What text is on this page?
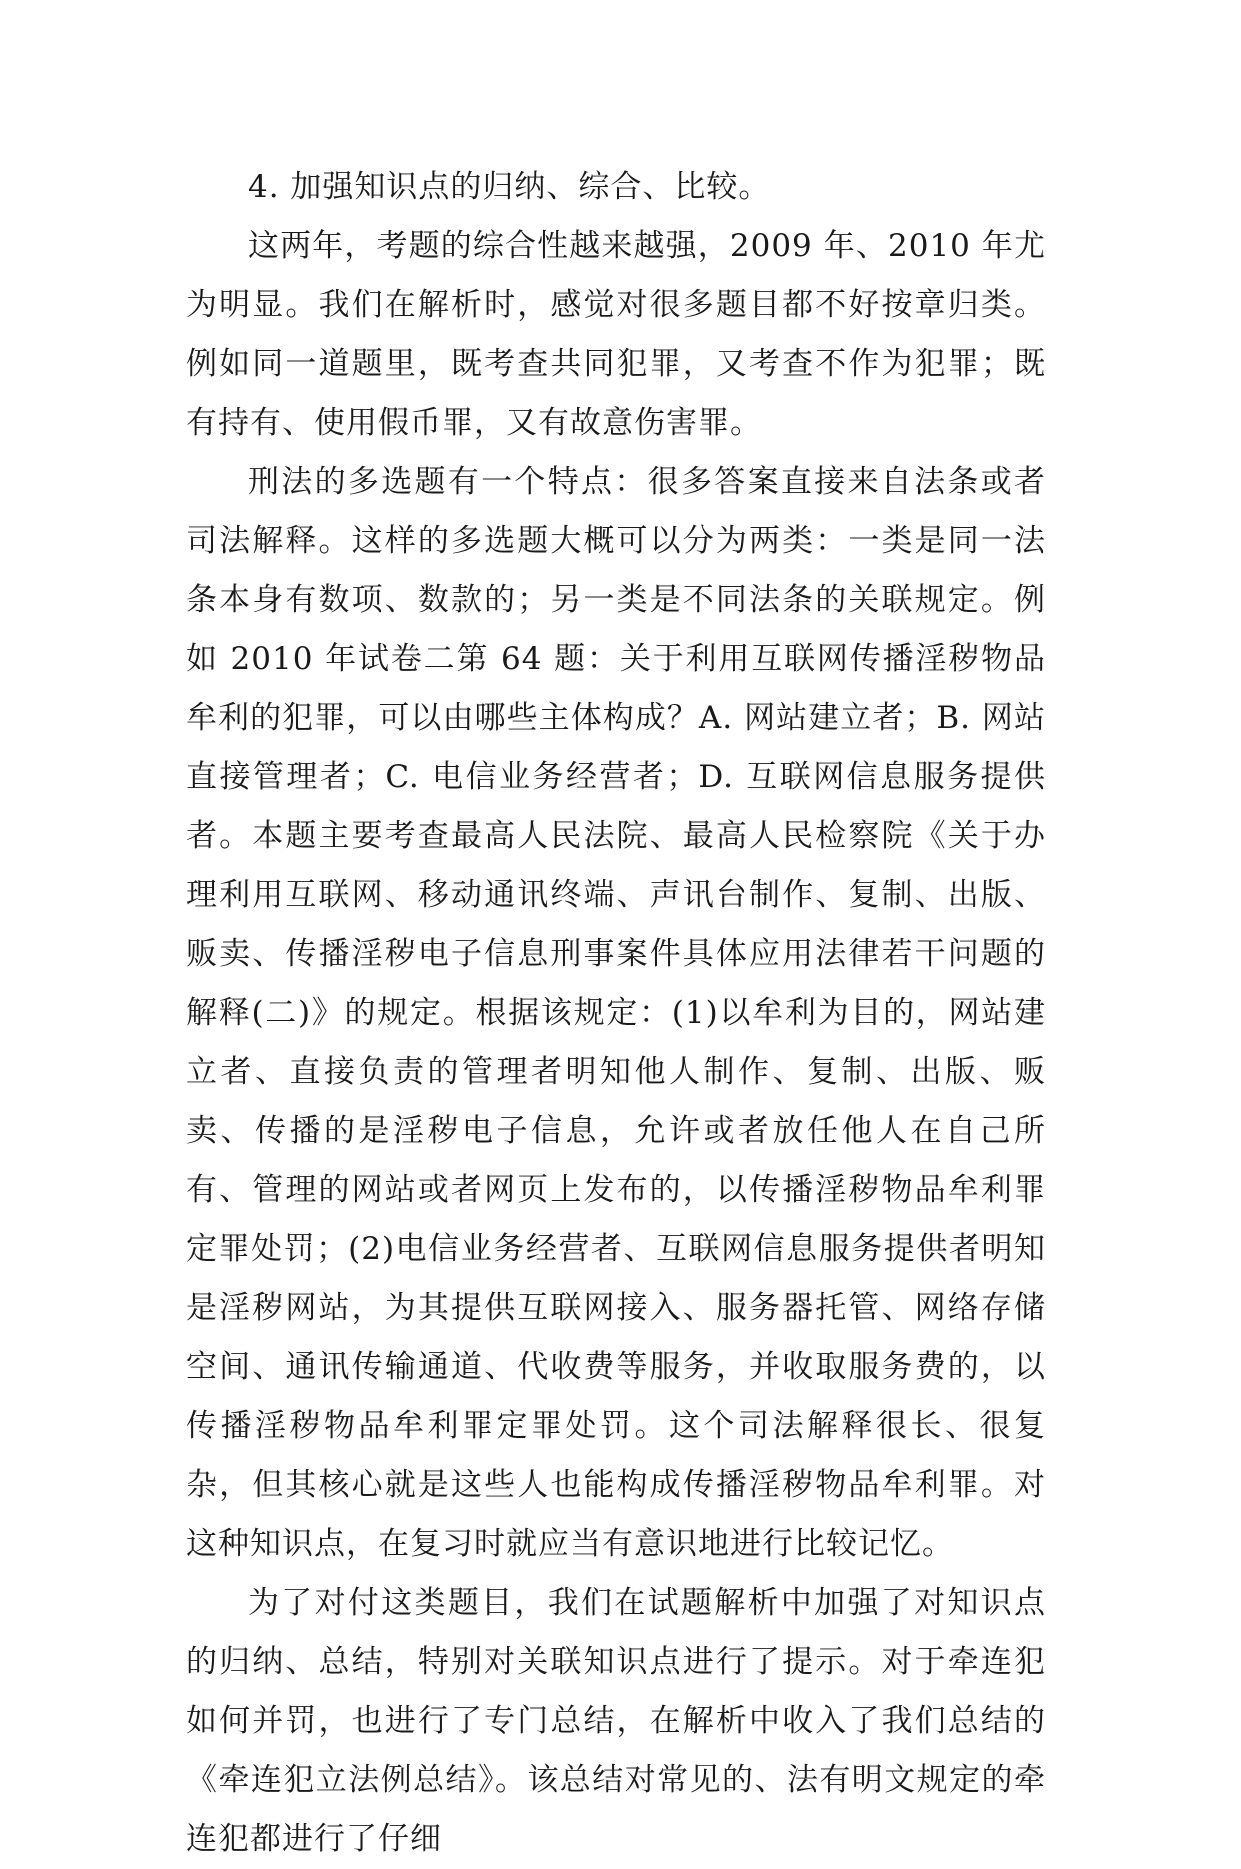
4. 加强知识点的归纳、综合、比较。

这两年，考题的综合性越来越强，2009 年、2010 年尤为明显。我们在解析时，感觉对很多题目都不好按章归类。例如同一道题里，既考查共同犯罪，又考查不作为犯罪；既有持有、使用假币罪，又有故意伤害罪。

刑法的多选题有一个特点：很多答案直接来自法条或者司法解释。这样的多选题大概可以分为两类：一类是同一法条本身有数项、数款的；另一类是不同法条的关联规定。例如 2010 年试卷二第 64 题：关于利用互联网传播淫秽物品牟利的犯罪，可以由哪些主体构成？A. 网站建立者；B. 网站直接管理者；C. 电信业务经营者；D. 互联网信息服务提供者。本题主要考查最高人民法院、最高人民检察院《关于办理利用互联网、移动通讯终端、声讯台制作、复制、出版、贩卖、传播淫秽电子信息刑事案件具体应用法律若干问题的解释(二)》的规定。根据该规定：(1)以牟利为目的，网站建立者、直接负责的管理者明知他人制作、复制、出版、贩卖、传播的是淫秽电子信息，允许或者放任他人在自己所有、管理的网站或者网页上发布的，以传播淫秽物品牟利罪定罪处罚；(2)电信业务经营者、互联网信息服务提供者明知是淫秽网站，为其提供互联网接入、服务器托管、网络存储空间、通讯传输通道、代收费等服务，并收取服务费的，以传播淫秽物品牟利罪定罪处罚。这个司法解释很长、很复杂，但其核心就是这些人也能构成传播淫秽物品牟利罪。对这种知识点，在复习时就应当有意识地进行比较记忆。

为了对付这类题目，我们在试题解析中加强了对知识点的归纳、总结，特别对关联知识点进行了提示。对于牵连犯如何并罚，也进行了专门总结，在解析中收入了我们总结的《牵连犯立法例总结》。该总结对常见的、法有明文规定的牵连犯都进行了仔细
